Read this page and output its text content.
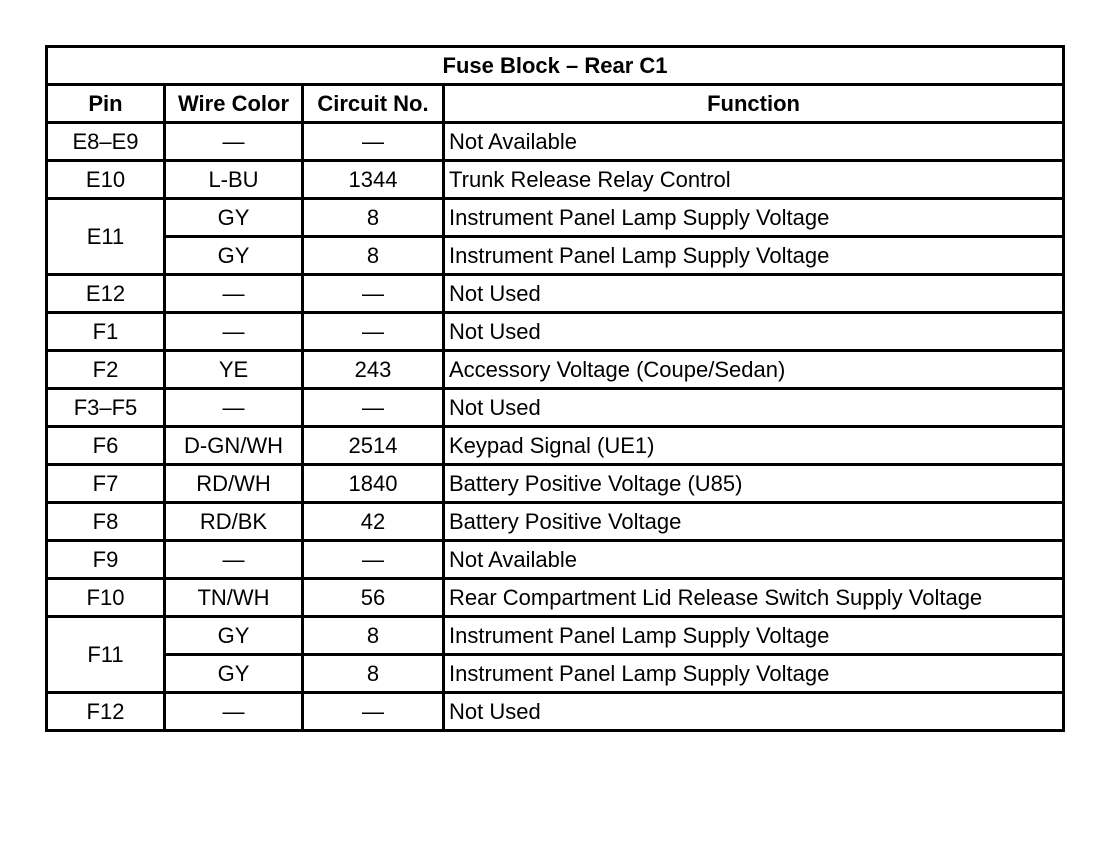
Fuse Block – Rear C1			
Pin	Wire Color	Circuit No.	Function
E8–E9	—	—	Not Available
E10	L-BU	1344	Trunk Release Relay Control
E11	GY	8	Instrument Panel Lamp Supply Voltage
	GY	8	Instrument Panel Lamp Supply Voltage
E12	—	—	Not Used
F1	—	—	Not Used
F2	YE	243	Accessory Voltage (Coupe/Sedan)
F3–F5	—	—	Not Used
F6	D-GN/WH	2514	Keypad Signal (UE1)
F7	RD/WH	1840	Battery Positive Voltage (U85)
F8	RD/BK	42	Battery Positive Voltage
F9	—	—	Not Available
F10	TN/WH	56	Rear Compartment Lid Release Switch Supply Voltage
F11	GY	8	Instrument Panel Lamp Supply Voltage
	GY	8	Instrument Panel Lamp Supply Voltage
F12	—	—	Not Used
